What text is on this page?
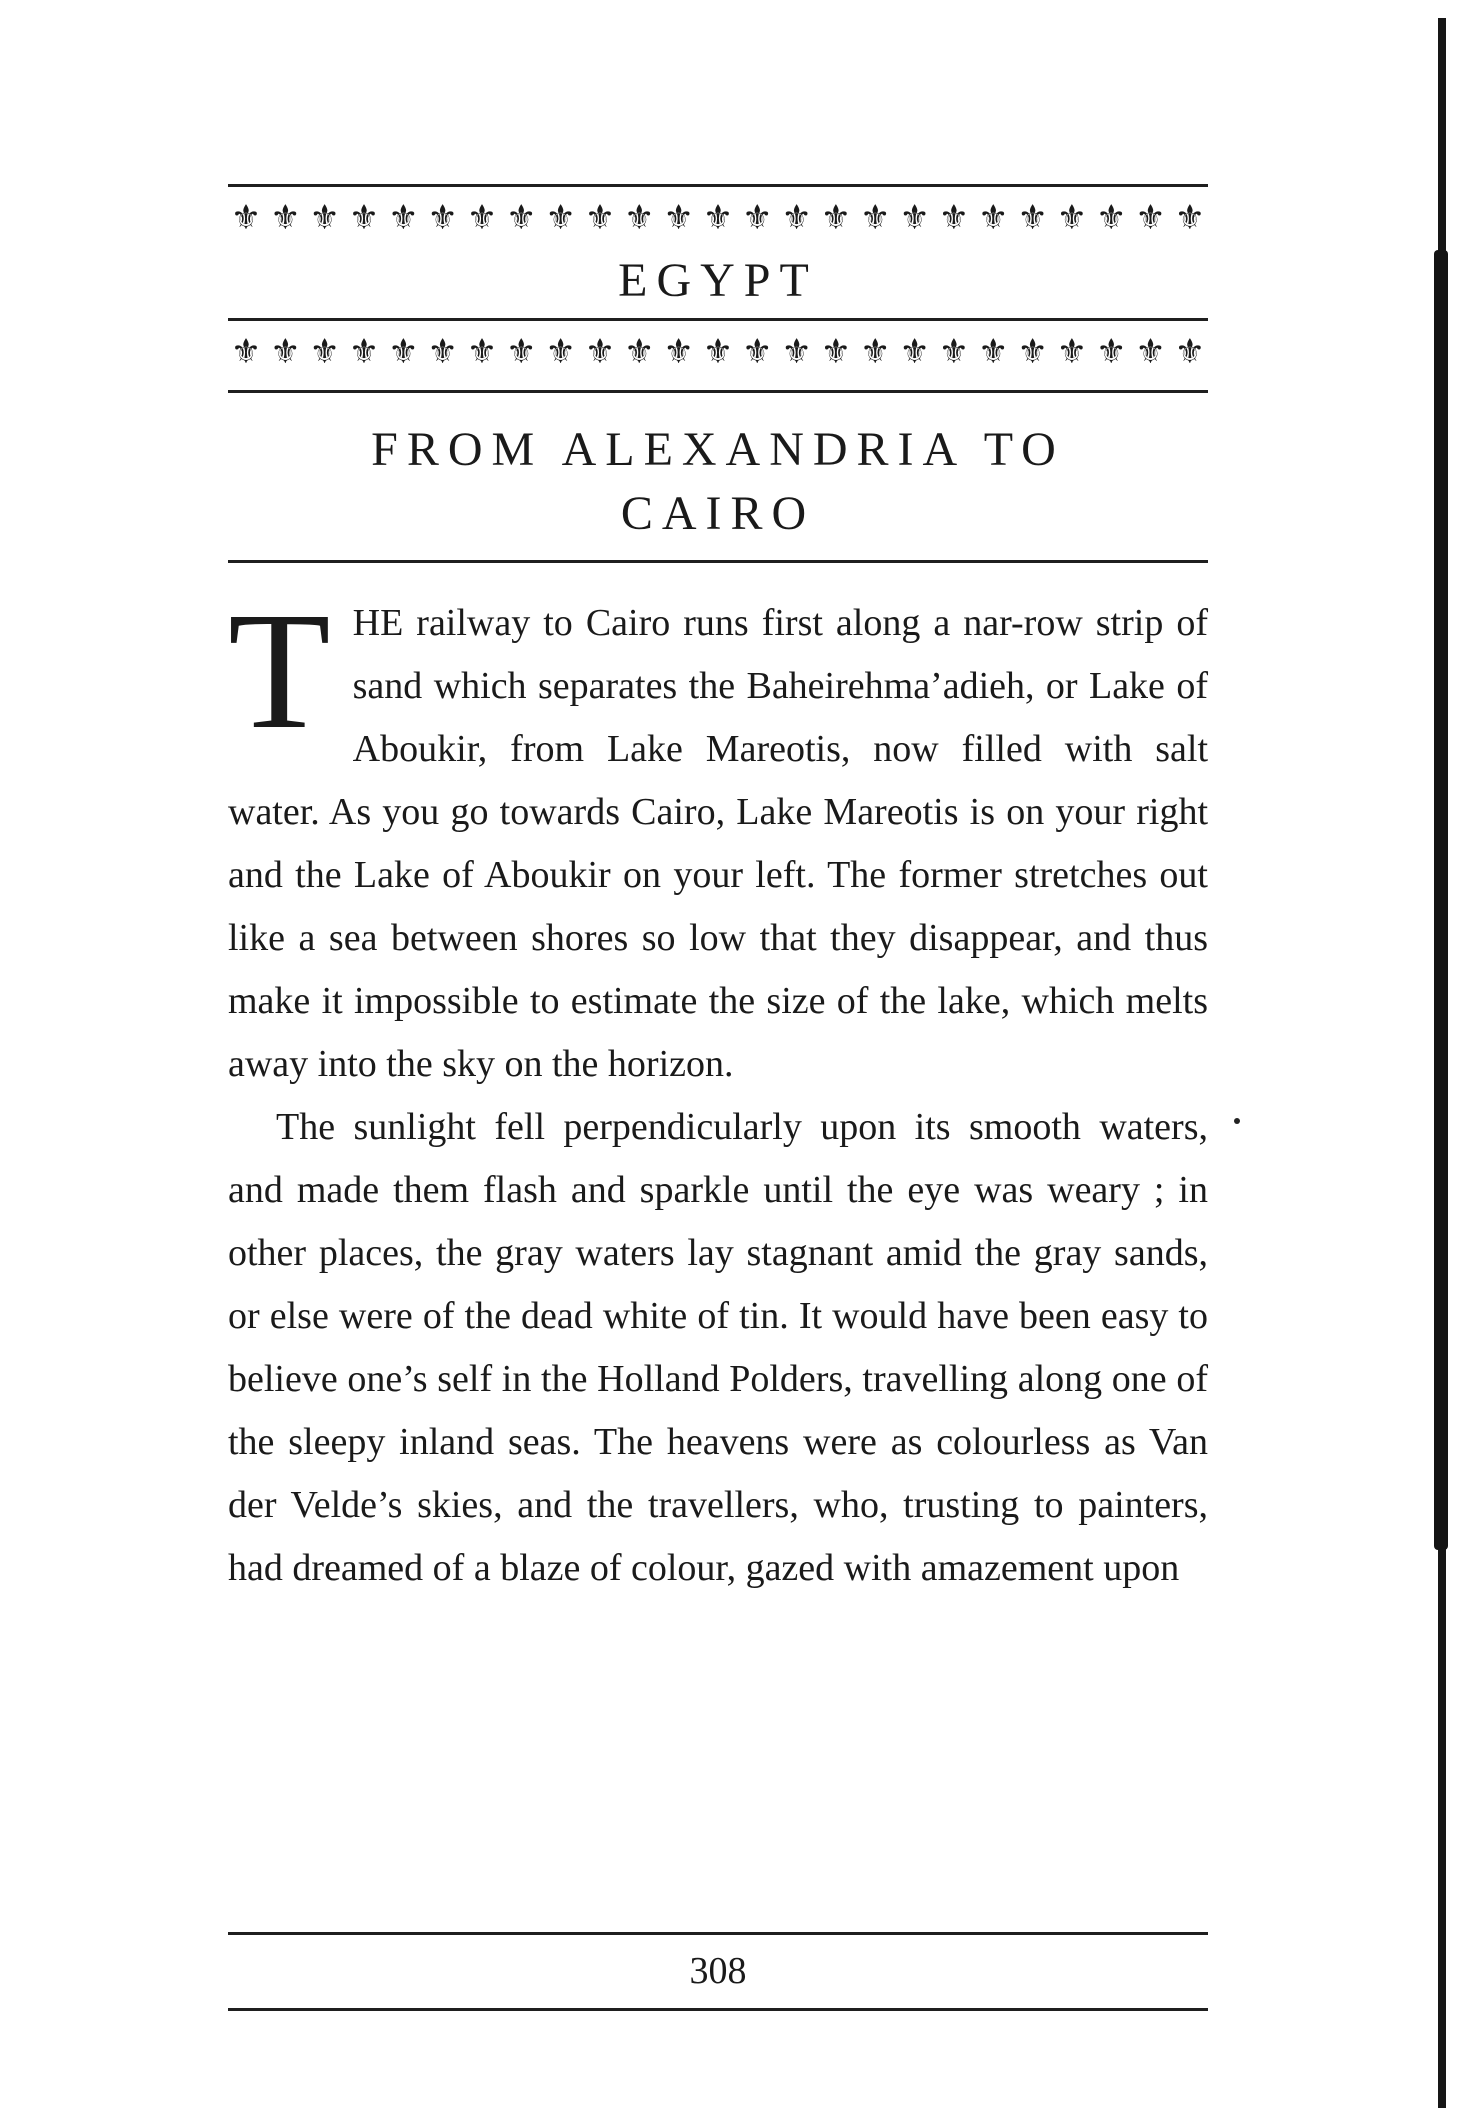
⚜ ⚜ ⚜ ⚜ ⚜ ⚜ ⚜ ⚜ ⚜ ⚜ ⚜ ⚜ ⚜ ⚜ ⚜ ⚜ ⚜ ⚜ ⚜ ⚜ ⚜ ⚜ ⚜ ⚜ ⚜
EGYPT
⚜ ⚜ ⚜ ⚜ ⚜ ⚜ ⚜ ⚜ ⚜ ⚜ ⚜ ⚜ ⚜ ⚜ ⚜ ⚜ ⚜ ⚜ ⚜ ⚜ ⚜ ⚜ ⚜ ⚜ ⚜
FROM ALEXANDRIA TO
CAIRO

THE railway to Cairo runs first along a nar-row strip of sand which separates the Baheirehma’adieh, or Lake of Aboukir, from Lake Mareotis, now filled with salt water. As you go towards Cairo, Lake Mareotis is on your right and the Lake of Aboukir on your left. The former stretches out like a sea between shores so low that they disappear, and thus make it impossible to estimate the size of the lake, which melts away into the sky on the horizon.

The sunlight fell perpendicularly upon its smooth waters, and made them flash and sparkle until the eye was weary ; in other places, the gray waters lay stagnant amid the gray sands, or else were of the dead white of tin. It would have been easy to believe one’s self in the Holland Polders, travelling along one of the sleepy inland seas. The heavens were as colourless as Van der Velde’s skies, and the travellers, who, trusting to painters, had dreamed of a blaze of colour, gazed with amazement upon

308
